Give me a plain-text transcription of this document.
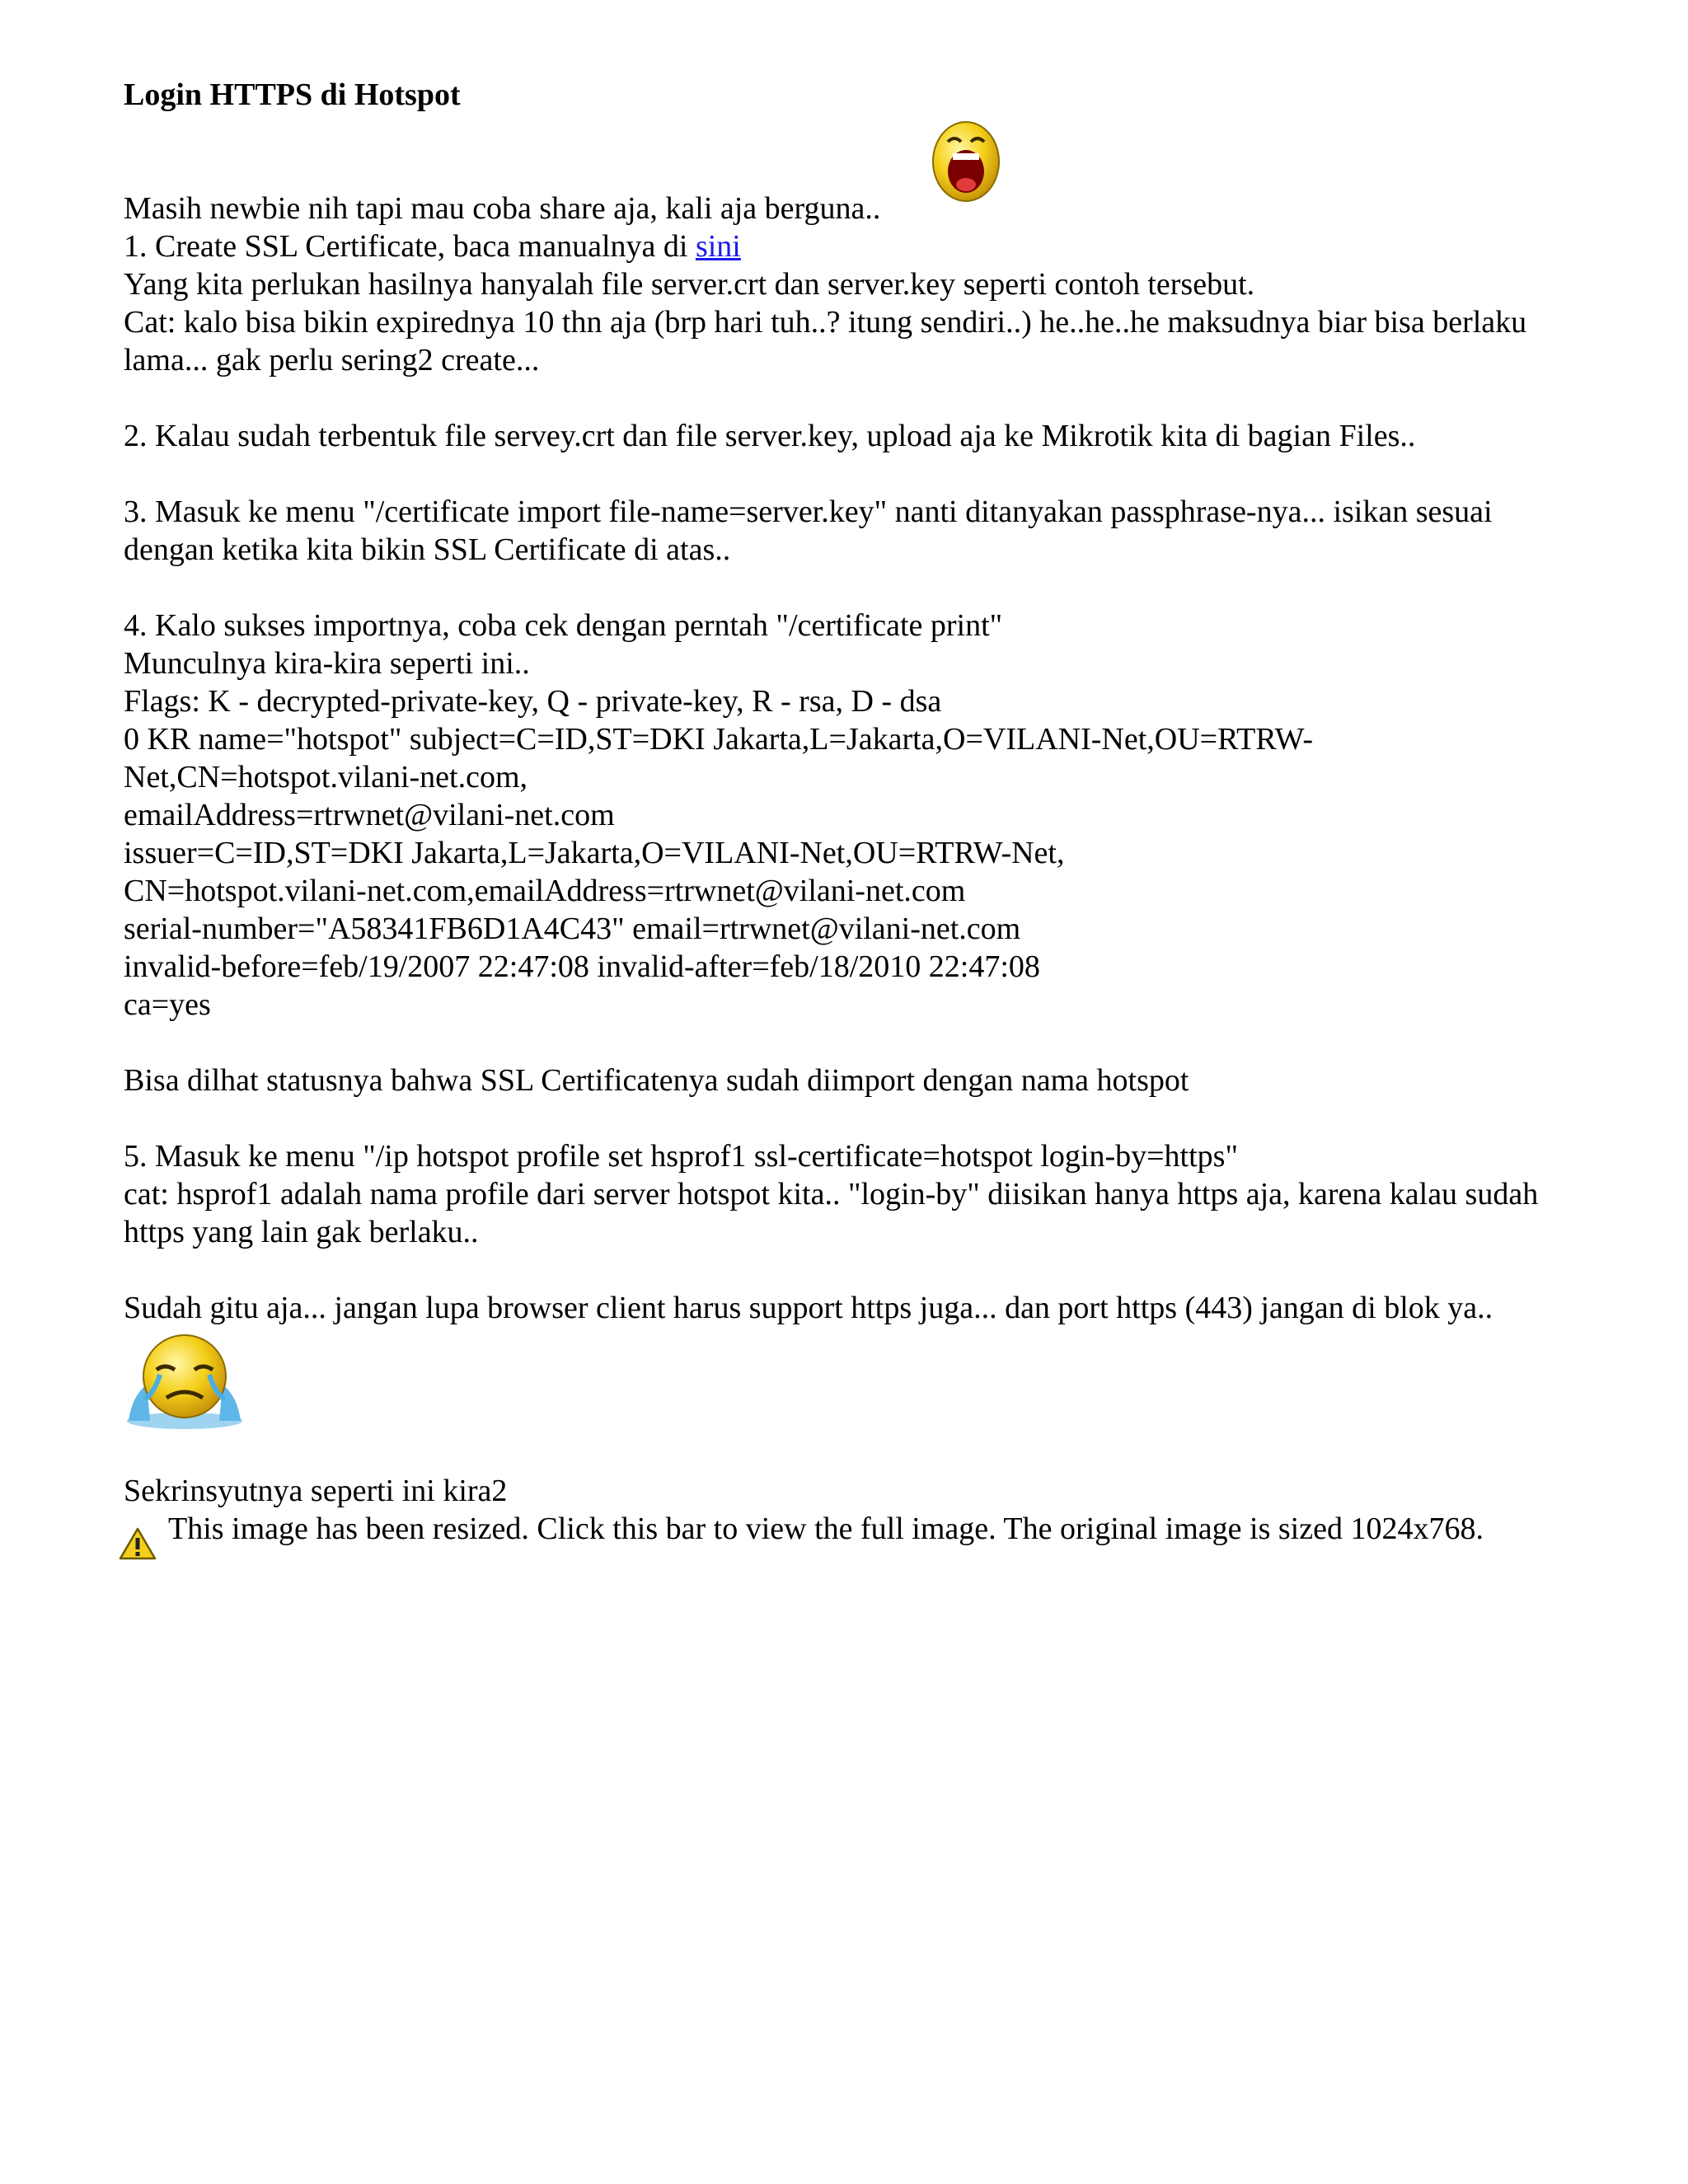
Login HTTPS di Hotspot
Masih newbie nih tapi mau coba share aja, kali aja berguna..
1. Create SSL Certificate, baca manualnya di sini
Yang kita perlukan hasilnya hanyalah file server.crt dan server.key seperti contoh tersebut.
Cat: kalo bisa bikin expirednya 10 thn aja (brp hari tuh..? itung sendiri..) he..he..he maksudnya biar bisa berlaku lama... gak perlu sering2 create...
2. Kalau sudah terbentuk file servey.crt dan file server.key, upload aja ke Mikrotik kita di bagian Files..
3. Masuk ke menu "/certificate import file-name=server.key" nanti ditanyakan passphrase-nya... isikan sesuai dengan ketika kita bikin SSL Certificate di atas..
4. Kalo sukses importnya, coba cek dengan perntah "/certificate print"
Munculnya kira-kira seperti ini..
Flags: K - decrypted-private-key, Q - private-key, R - rsa, D - dsa
0 KR name="hotspot" subject=C=ID,ST=DKI Jakarta,L=Jakarta,O=VILANI-Net,OU=RTRW-Net,CN=hotspot.vilani-net.com,
emailAddress=rtrwnet@vilani-net.com
issuer=C=ID,ST=DKI Jakarta,L=Jakarta,O=VILANI-Net,OU=RTRW-Net,
CN=hotspot.vilani-net.com,emailAddress=rtrwnet@vilani-net.com
serial-number="A58341FB6D1A4C43" email=rtrwnet@vilani-net.com
invalid-before=feb/19/2007 22:47:08 invalid-after=feb/18/2010 22:47:08
ca=yes
Bisa dilhat statusnya bahwa SSL Certificatenya sudah diimport dengan nama hotspot
5. Masuk ke menu "/ip hotspot profile set hsprof1 ssl-certificate=hotspot login-by=https"
cat: hsprof1 adalah nama profile dari server hotspot kita.. "login-by" diisikan hanya https aja, karena kalau sudah https yang lain gak berlaku..
Sudah gitu aja... jangan lupa browser client harus support https juga... dan port https (443) jangan di blok ya..
Sekrinsyutnya seperti ini kira2
This image has been resized. Click this bar to view the full image. The original image is sized 1024x768.
